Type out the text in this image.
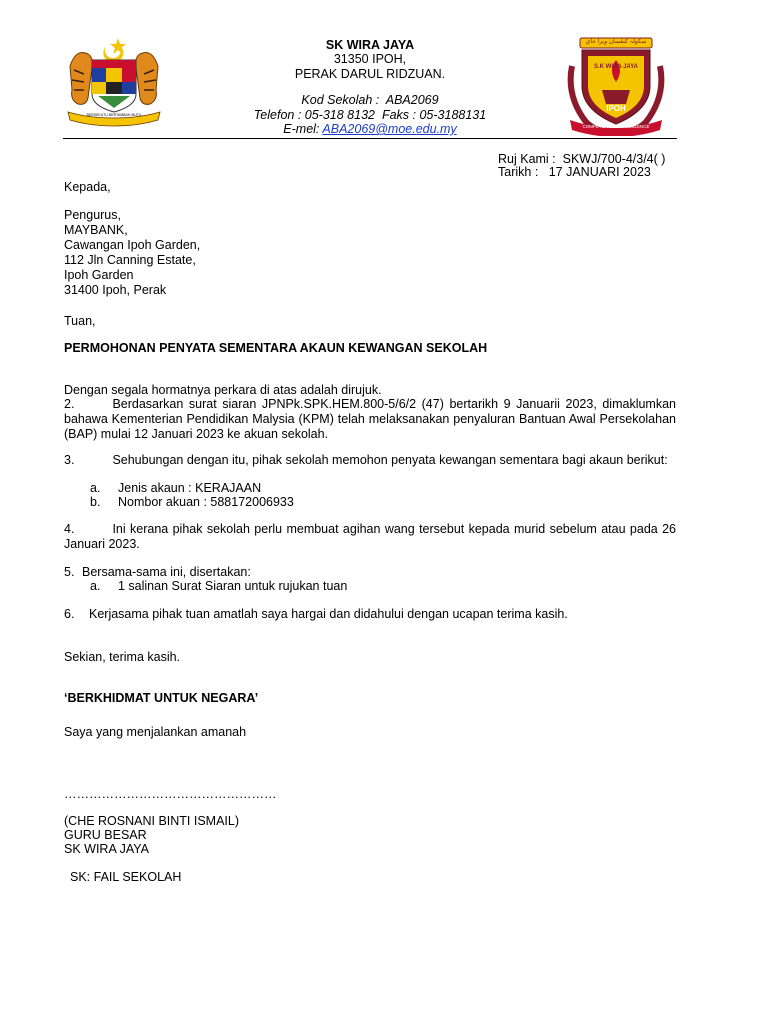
سکولہ کبڠسان ويرا جاي
S.K WIRA JAYA
IPOH
COMPETENCE & EXCELLENCE
BERSEKUTU BERTAMBAH MUTU
SK WIRA JAYA
31350 IPOH,
PERAK DARUL RIDZUAN.
Kod Sekolah : ABA2069
Telefon : 05-318 8132 Faks : 05-3188131
E-mel: ABA2069@moe.edu.my
Ruj Kami : SKWJ/700-4/3/4( )
Tarikh : 17 JANUARI 2023
Kepada,
Pengurus,
MAYBANK,
Cawangan Ipoh Garden,
112 Jln Canning Estate,
Ipoh Garden
31400 Ipoh, Perak
Tuan,
PERMOHONAN PENYATA SEMENTARA AKAUN KEWANGAN SEKOLAH
Dengan segala hormatnya perkara di atas adalah dirujuk.
2.	Berdasarkan surat siaran JPNPk.SPK.HEM.800-5/6/2 (47) bertarikh 9 Januarii 2023, dimaklumkan bahawa Kementerian Pendidikan Malysia (KPM) telah melaksanakan penyaluran Bantuan Awal Persekolahan (BAP) mulai 12 Januari 2023 ke akuan sekolah.
3.	Sehubungan dengan itu, pihak sekolah memohon penyata kewangan sementara bagi akaun berikut:
a. Jenis akaun : KERAJAAN
b. Nombor akuan : 588172006933
4.	Ini kerana pihak sekolah perlu membuat agihan wang tersebut kepada murid sebelum atau pada 26 Januari 2023.
5. Bersama-sama ini, disertakan:
a. 1 salinan Surat Siaran untuk rujukan tuan
6. Kerjasama pihak tuan amatlah saya hargai dan didahului dengan ucapan terima kasih.
Sekian, terima kasih.
‘BERKHIDMAT UNTUK NEGARA’
Saya yang menjalankan amanah
……………………………………………
(CHE ROSNANI BINTI ISMAIL)
GURU BESAR
SK WIRA JAYA
SK: FAIL SEKOLAH
